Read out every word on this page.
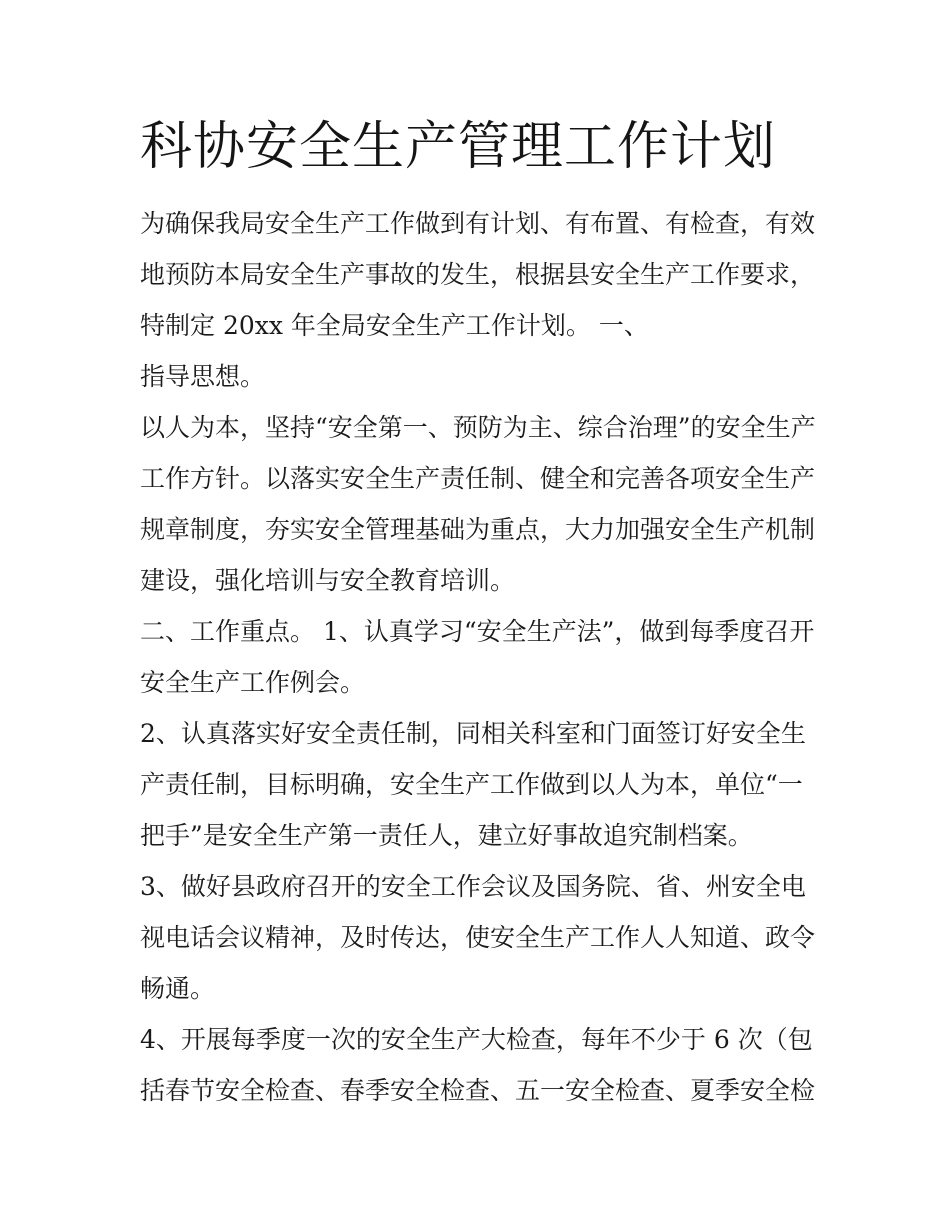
科协安全生产管理工作计划
为确保我局安全生产工作做到有计划、有布置、有检查，有效
地预防本局安全生产事故的发生，根据县安全生产工作要求，
特制定 20xx 年全局安全生产工作计划。 一、
指导思想。
以人为本，坚持“安全第一、预防为主、综合治理”的安全生产
工作方针。以落实安全生产责任制、健全和完善各项安全生产
规章制度，夯实安全管理基础为重点，大力加强安全生产机制
建设，强化培训与安全教育培训。
二、工作重点。 1、认真学习“安全生产法”，做到每季度召开
安全生产工作例会。
2、认真落实好安全责任制，同相关科室和门面签订好安全生
产责任制，目标明确，安全生产工作做到以人为本，单位“一
把手”是安全生产第一责任人，建立好事故追究制档案。
3、做好县政府召开的安全工作会议及国务院、省、州安全电
视电话会议精神，及时传达，使安全生产工作人人知道、政令
畅通。
4、开展每季度一次的安全生产大检查，每年不少于 6 次（包
括春节安全检查、春季安全检查、五一安全检查、夏季安全检
